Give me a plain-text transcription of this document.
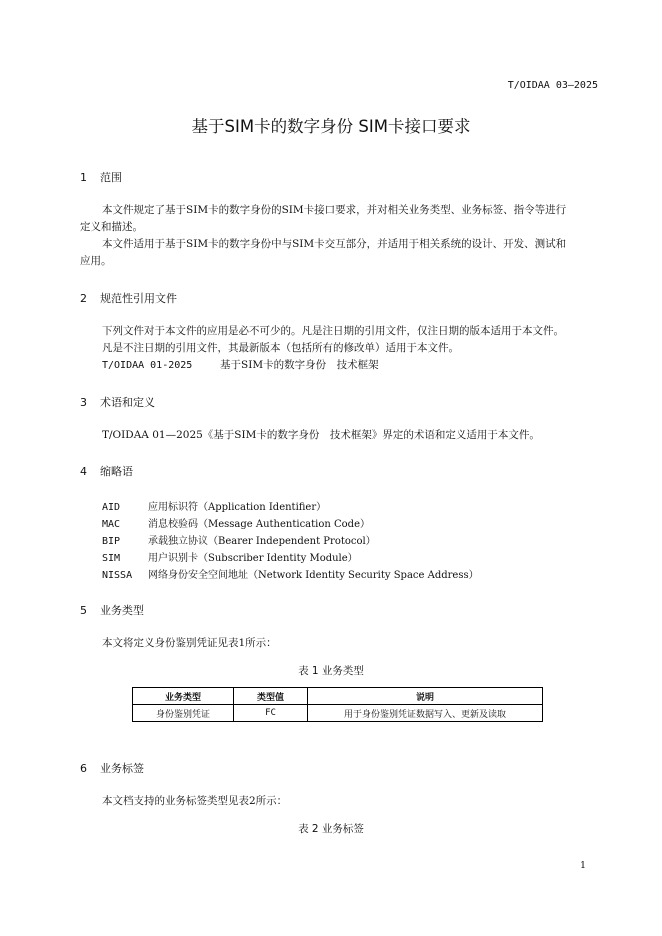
T/OIDAA 03—2025
基于SIM卡的数字身份 SIM卡接口要求
1 范围
本文件规定了基于SIM卡的数字身份的SIM卡接口要求，并对相关业务类型、业务标签、指令等进行
定义和描述。
本文件适用于基于SIM卡的数字身份中与SIM卡交互部分，并适用于相关系统的设计、开发、测试和
应用。
2 规范性引用文件
下列文件对于本文件的应用是必不可少的。凡是注日期的引用文件，仅注日期的版本适用于本文件。
凡是不注日期的引用文件，其最新版本（包括所有的修改单）适用于本文件。
T/OIDAA 01-2025	基于SIM卡的数字身份　技术框架
3 术语和定义
T/OIDAA 01—2025《基于SIM卡的数字身份　技术框架》界定的术语和定义适用于本文件。
4 缩略语
AID	应用标识符（Application Identifier）
MAC	消息校验码（Message Authentication Code）
BIP	承载独立协议（Bearer Independent Protocol）
SIM	用户识别卡（Subscriber Identity Module）
NISSA 网络身份安全空间地址（Network Identity Security Space Address）
5 业务类型
本文将定义身份鉴别凭证见表1所示：
表 1 业务类型
业务类型	类型值	说明
身份鉴别凭证	FC	用于身份鉴别凭证数据写入、更新及读取
6 业务标签
本文档支持的业务标签类型见表2所示：
表 2 业务标签
1
